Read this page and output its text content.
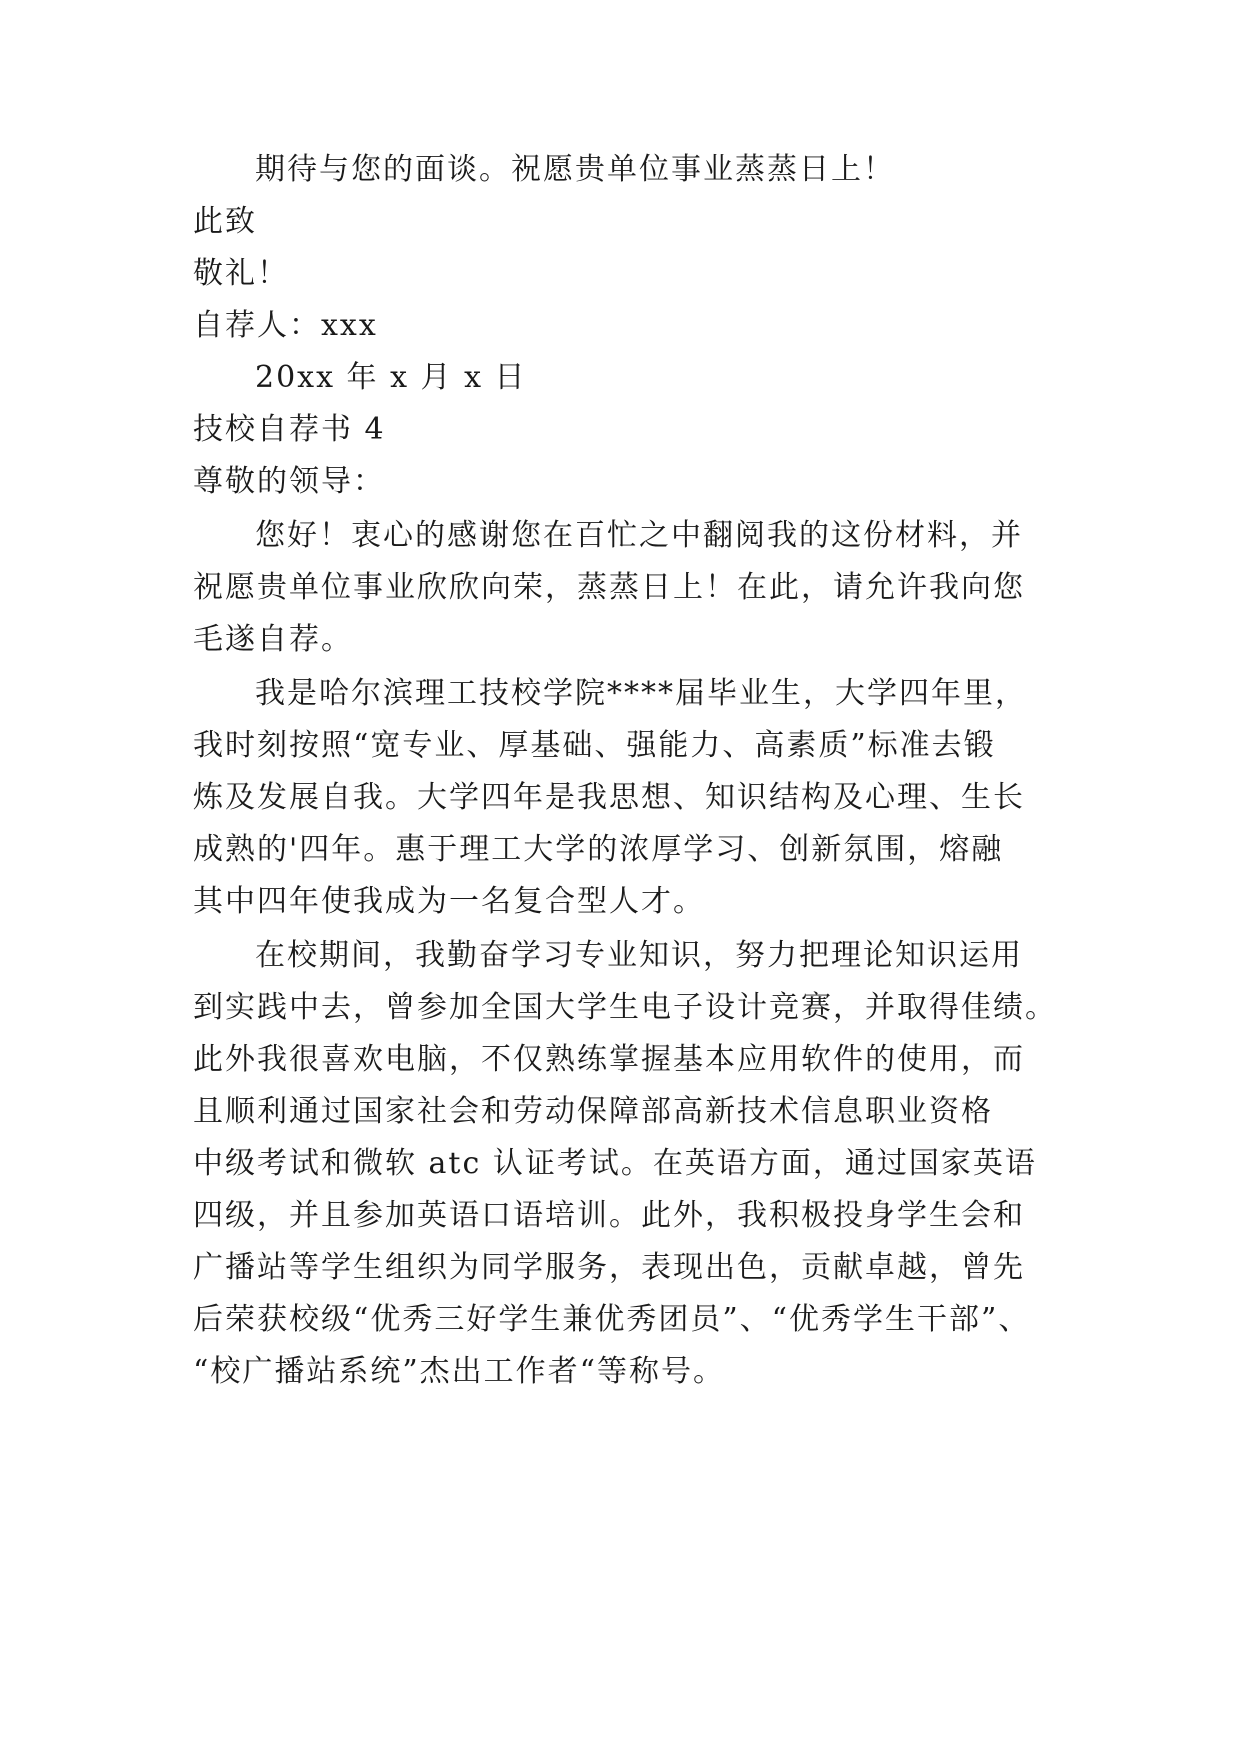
期待与您的面谈。祝愿贵单位事业蒸蒸日上！
此致
敬礼！
自荐人：xxx
20xx 年 x 月 x 日
技校自荐书 4
尊敬的领导：
您好！衷心的感谢您在百忙之中翻阅我的这份材料，并
祝愿贵单位事业欣欣向荣，蒸蒸日上！在此，请允许我向您
毛遂自荐。
我是哈尔滨理工技校学院****届毕业生，大学四年里，
我时刻按照“宽专业、厚基础、强能力、高素质”标准去锻
炼及发展自我。大学四年是我思想、知识结构及心理、生长
成熟的'四年。惠于理工大学的浓厚学习、创新氛围，熔融
其中四年使我成为一名复合型人才。
在校期间，我勤奋学习专业知识，努力把理论知识运用
到实践中去，曾参加全国大学生电子设计竞赛，并取得佳绩。
此外我很喜欢电脑，不仅熟练掌握基本应用软件的使用，而
且顺利通过国家社会和劳动保障部高新技术信息职业资格
中级考试和微软 atc 认证考试。在英语方面，通过国家英语
四级，并且参加英语口语培训。此外，我积极投身学生会和
广播站等学生组织为同学服务，表现出色，贡献卓越，曾先
后荣获校级“优秀三好学生兼优秀团员”、“优秀学生干部”、
“校广播站系统”杰出工作者“等称号。
